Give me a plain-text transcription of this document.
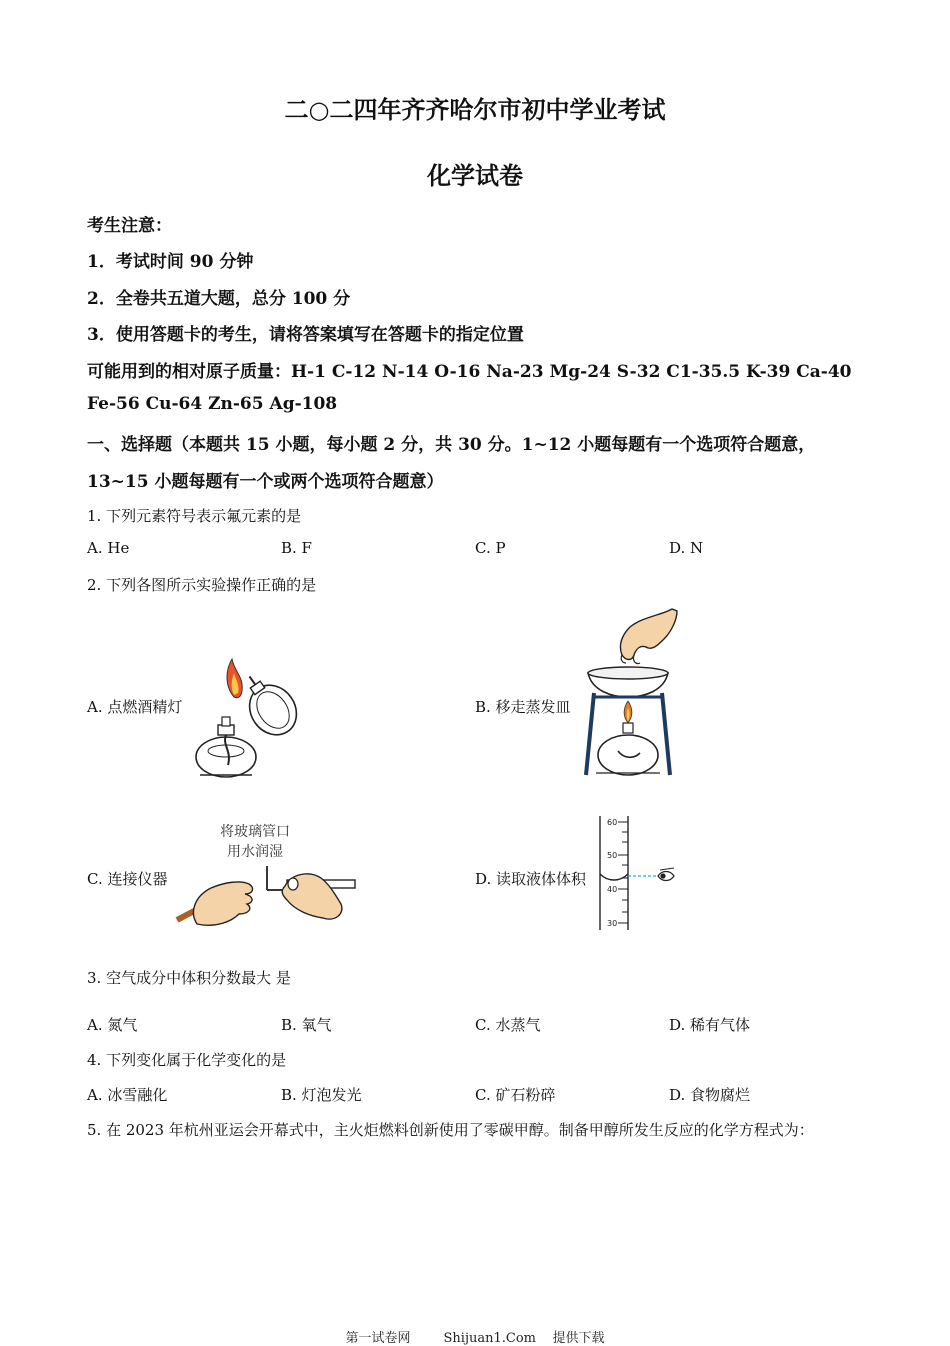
二○二四年齐齐哈尔市初中学业考试
化学试卷
考生注意：
1．考试时间 90 分钟
2．全卷共五道大题，总分 100 分
3．使用答题卡的考生，请将答案填写在答题卡的指定位置
可能用到的相对原子质量：H-1 C-12 N-14 O-16 Na-23 Mg-24 S-32 C1-35.5 K-39 Ca-40
Fe-56 Cu-64 Zn-65 Ag-108
一、选择题（本题共 15 小题，每小题 2 分，共 30 分。1~12 小题每题有一个选项符合题意，
13~15 小题每题有一个或两个选项符合题意）
1. 下列元素符号表示氟元素的是
A. He	B. F	C. P	D. N
2. 下列各图所示实验操作正确的是
A. 点燃酒精灯	B. 移走蒸发皿
C. 连接仪器	D. 读取液体体积
将玻璃管口
用水润湿
60
50
40
30
3. 空气成分中体积分数最大 是
A. 氮气	B. 氧气	C. 水蒸气	D. 稀有气体
4. 下列变化属于化学变化的是
A. 冰雪融化	B. 灯泡发光	C. 矿石粉碎	D. 食物腐烂
5. 在 2023 年杭州亚运会开幕式中，主火炬燃料创新使用了零碳甲醇。制备甲醇所发生反应的化学方程式为：
第一试卷网        Shijuan1.Com    提供下载
